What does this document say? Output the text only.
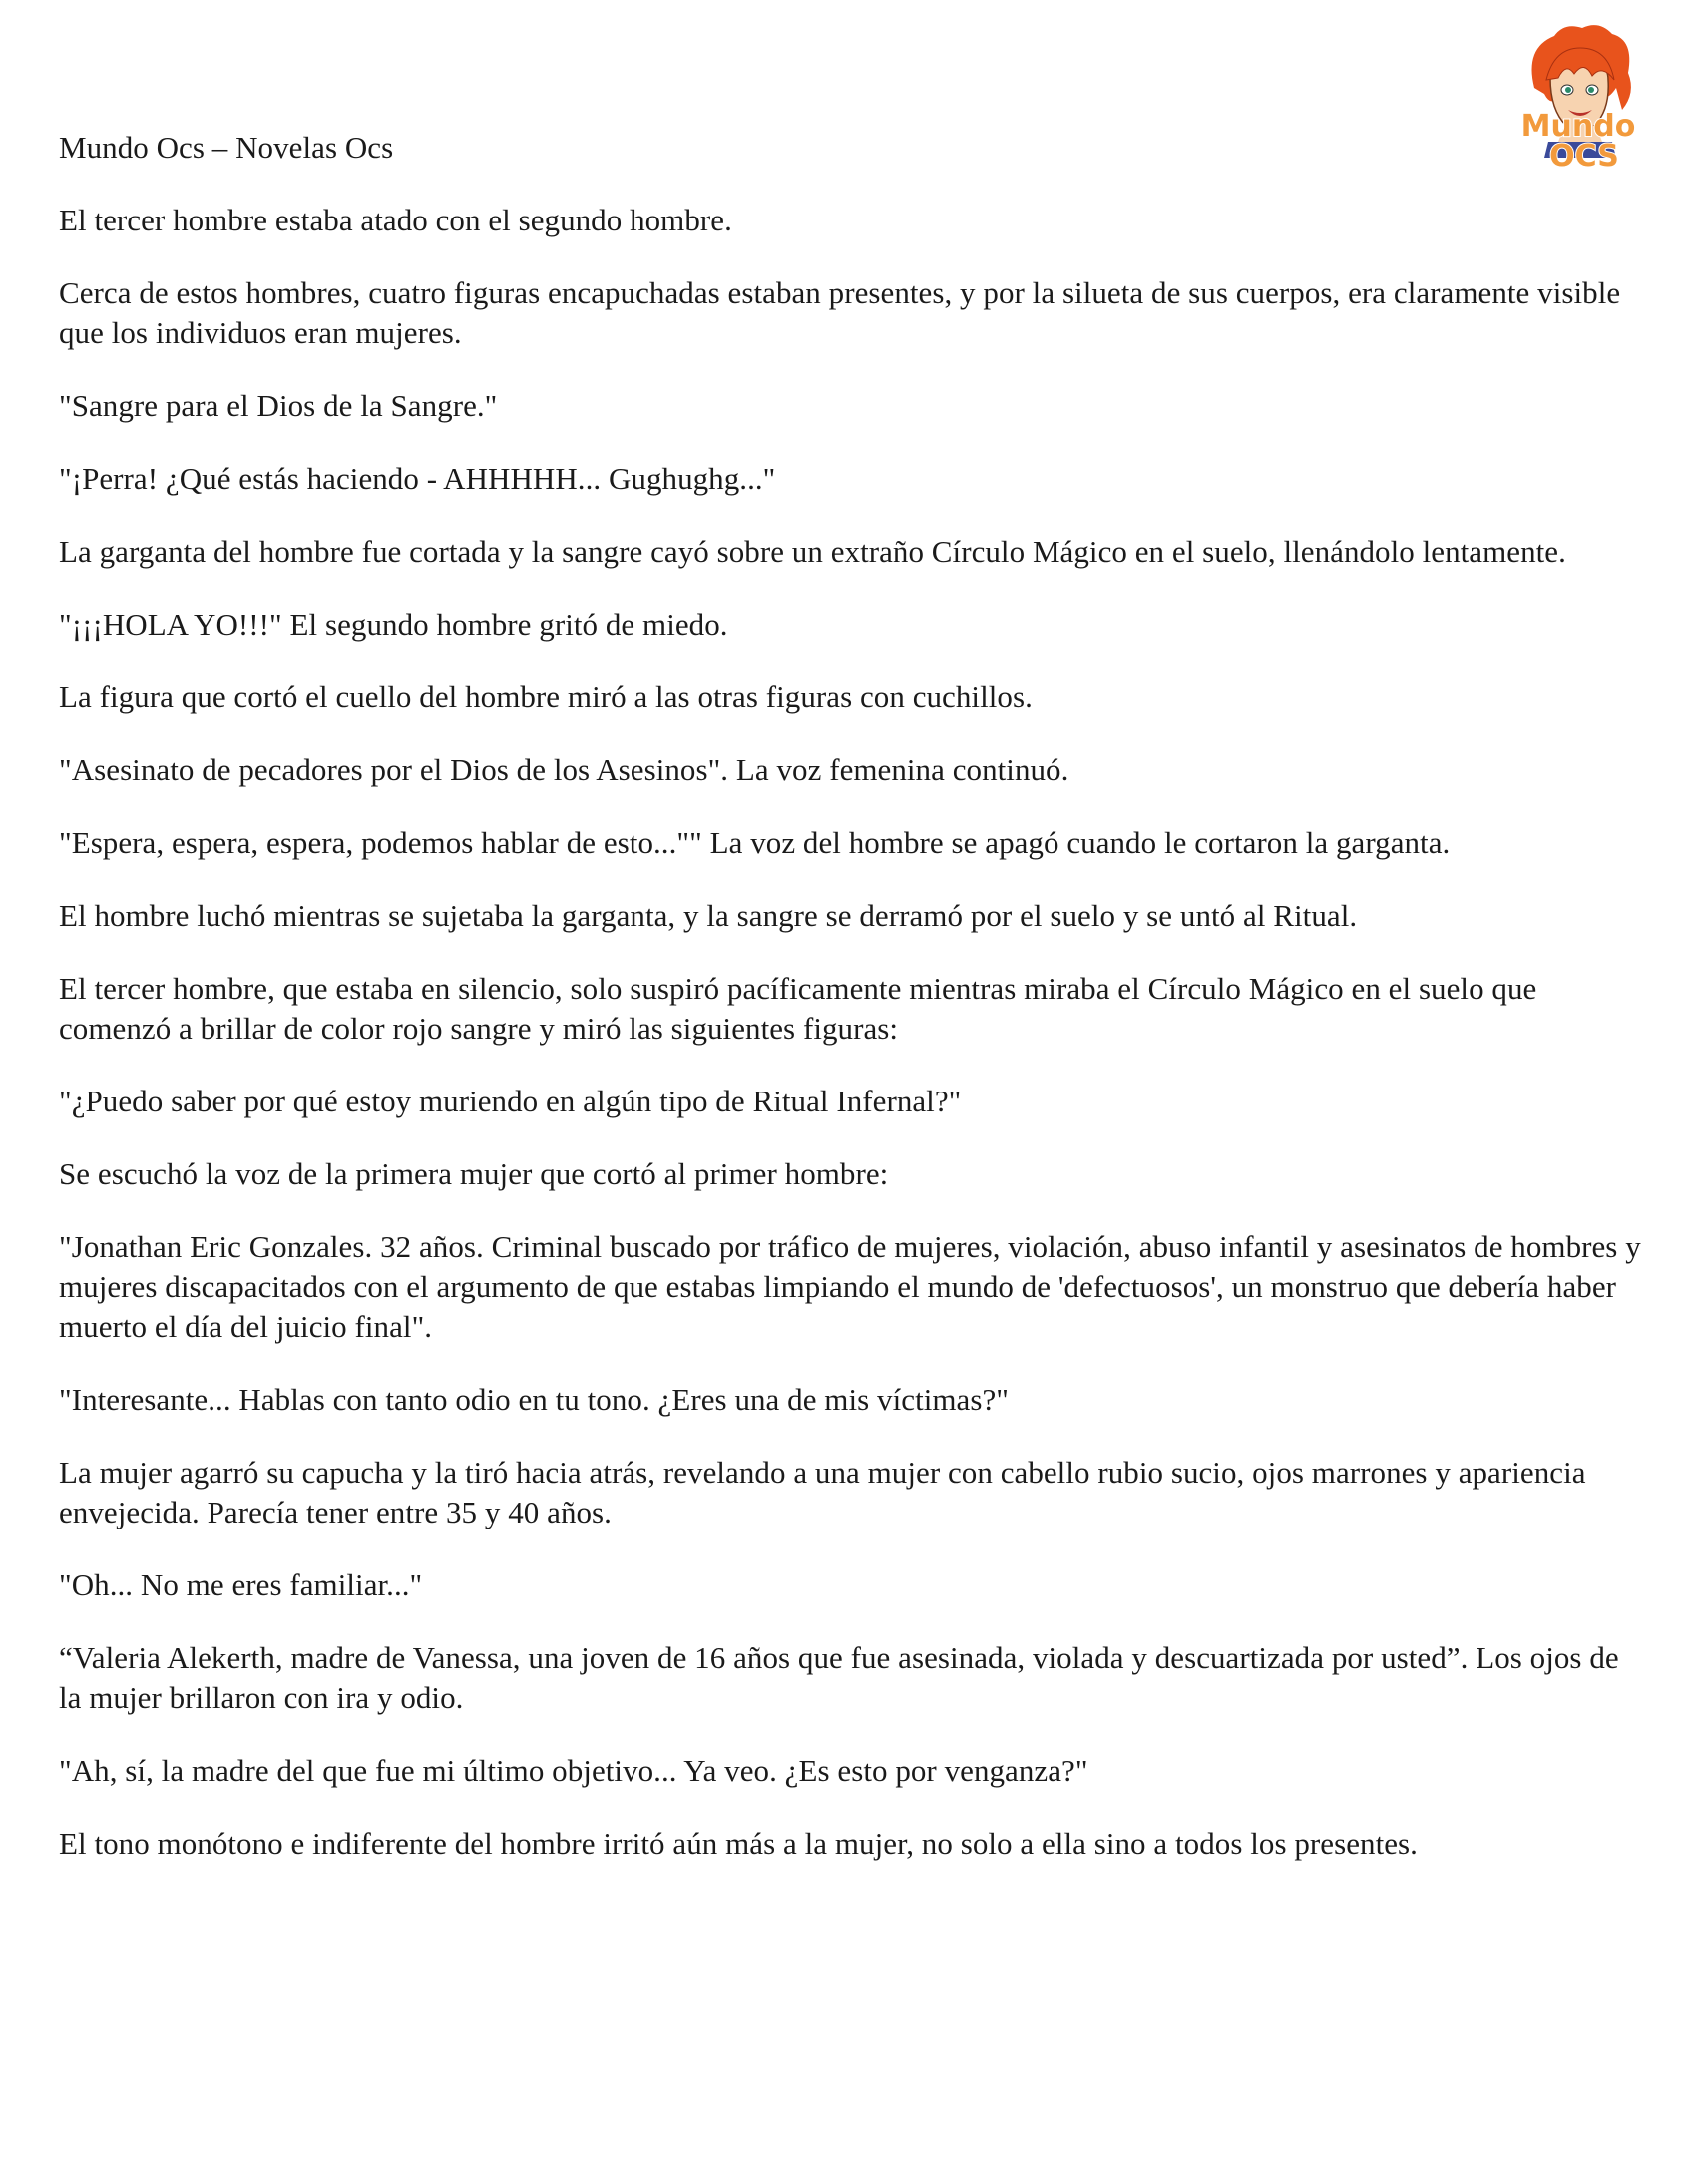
Mundo
OCS

Mundo Ocs – Novelas Ocs

El tercer hombre estaba atado con el segundo hombre.

Cerca de estos hombres, cuatro figuras encapuchadas estaban presentes, y por la silueta de sus cuerpos, era claramente visible que los individuos eran mujeres.

"Sangre para el Dios de la Sangre."

"¡Perra! ¿Qué estás haciendo - AHHHHH... Gughughg..."

La garganta del hombre fue cortada y la sangre cayó sobre un extraño Círculo Mágico en el suelo, llenándolo lentamente.

"¡¡¡HOLA YO!!!" El segundo hombre gritó de miedo.

La figura que cortó el cuello del hombre miró a las otras figuras con cuchillos.

"Asesinato de pecadores por el Dios de los Asesinos". La voz femenina continuó.

"Espera, espera, espera, podemos hablar de esto..."" La voz del hombre se apagó cuando le cortaron la garganta.

El hombre luchó mientras se sujetaba la garganta, y la sangre se derramó por el suelo y se untó al Ritual.

El tercer hombre, que estaba en silencio, solo suspiró pacíficamente mientras miraba el Círculo Mágico en el suelo que comenzó a brillar de color rojo sangre y miró las siguientes figuras:

"¿Puedo saber por qué estoy muriendo en algún tipo de Ritual Infernal?"

Se escuchó la voz de la primera mujer que cortó al primer hombre:

"Jonathan Eric Gonzales. 32 años. Criminal buscado por tráfico de mujeres, violación, abuso infantil y asesinatos de hombres y mujeres discapacitados con el argumento de que estabas limpiando el mundo de 'defectuosos', un monstruo que debería haber muerto el día del juicio final".

"Interesante... Hablas con tanto odio en tu tono. ¿Eres una de mis víctimas?"

La mujer agarró su capucha y la tiró hacia atrás, revelando a una mujer con cabello rubio sucio, ojos marrones y apariencia envejecida. Parecía tener entre 35 y 40 años.

"Oh... No me eres familiar..."

“Valeria Alekerth, madre de Vanessa, una joven de 16 años que fue asesinada, violada y descuartizada por usted”. Los ojos de la mujer brillaron con ira y odio.

"Ah, sí, la madre del que fue mi último objetivo... Ya veo. ¿Es esto por venganza?"

El tono monótono e indiferente del hombre irritó aún más a la mujer, no solo a ella sino a todos los presentes.
